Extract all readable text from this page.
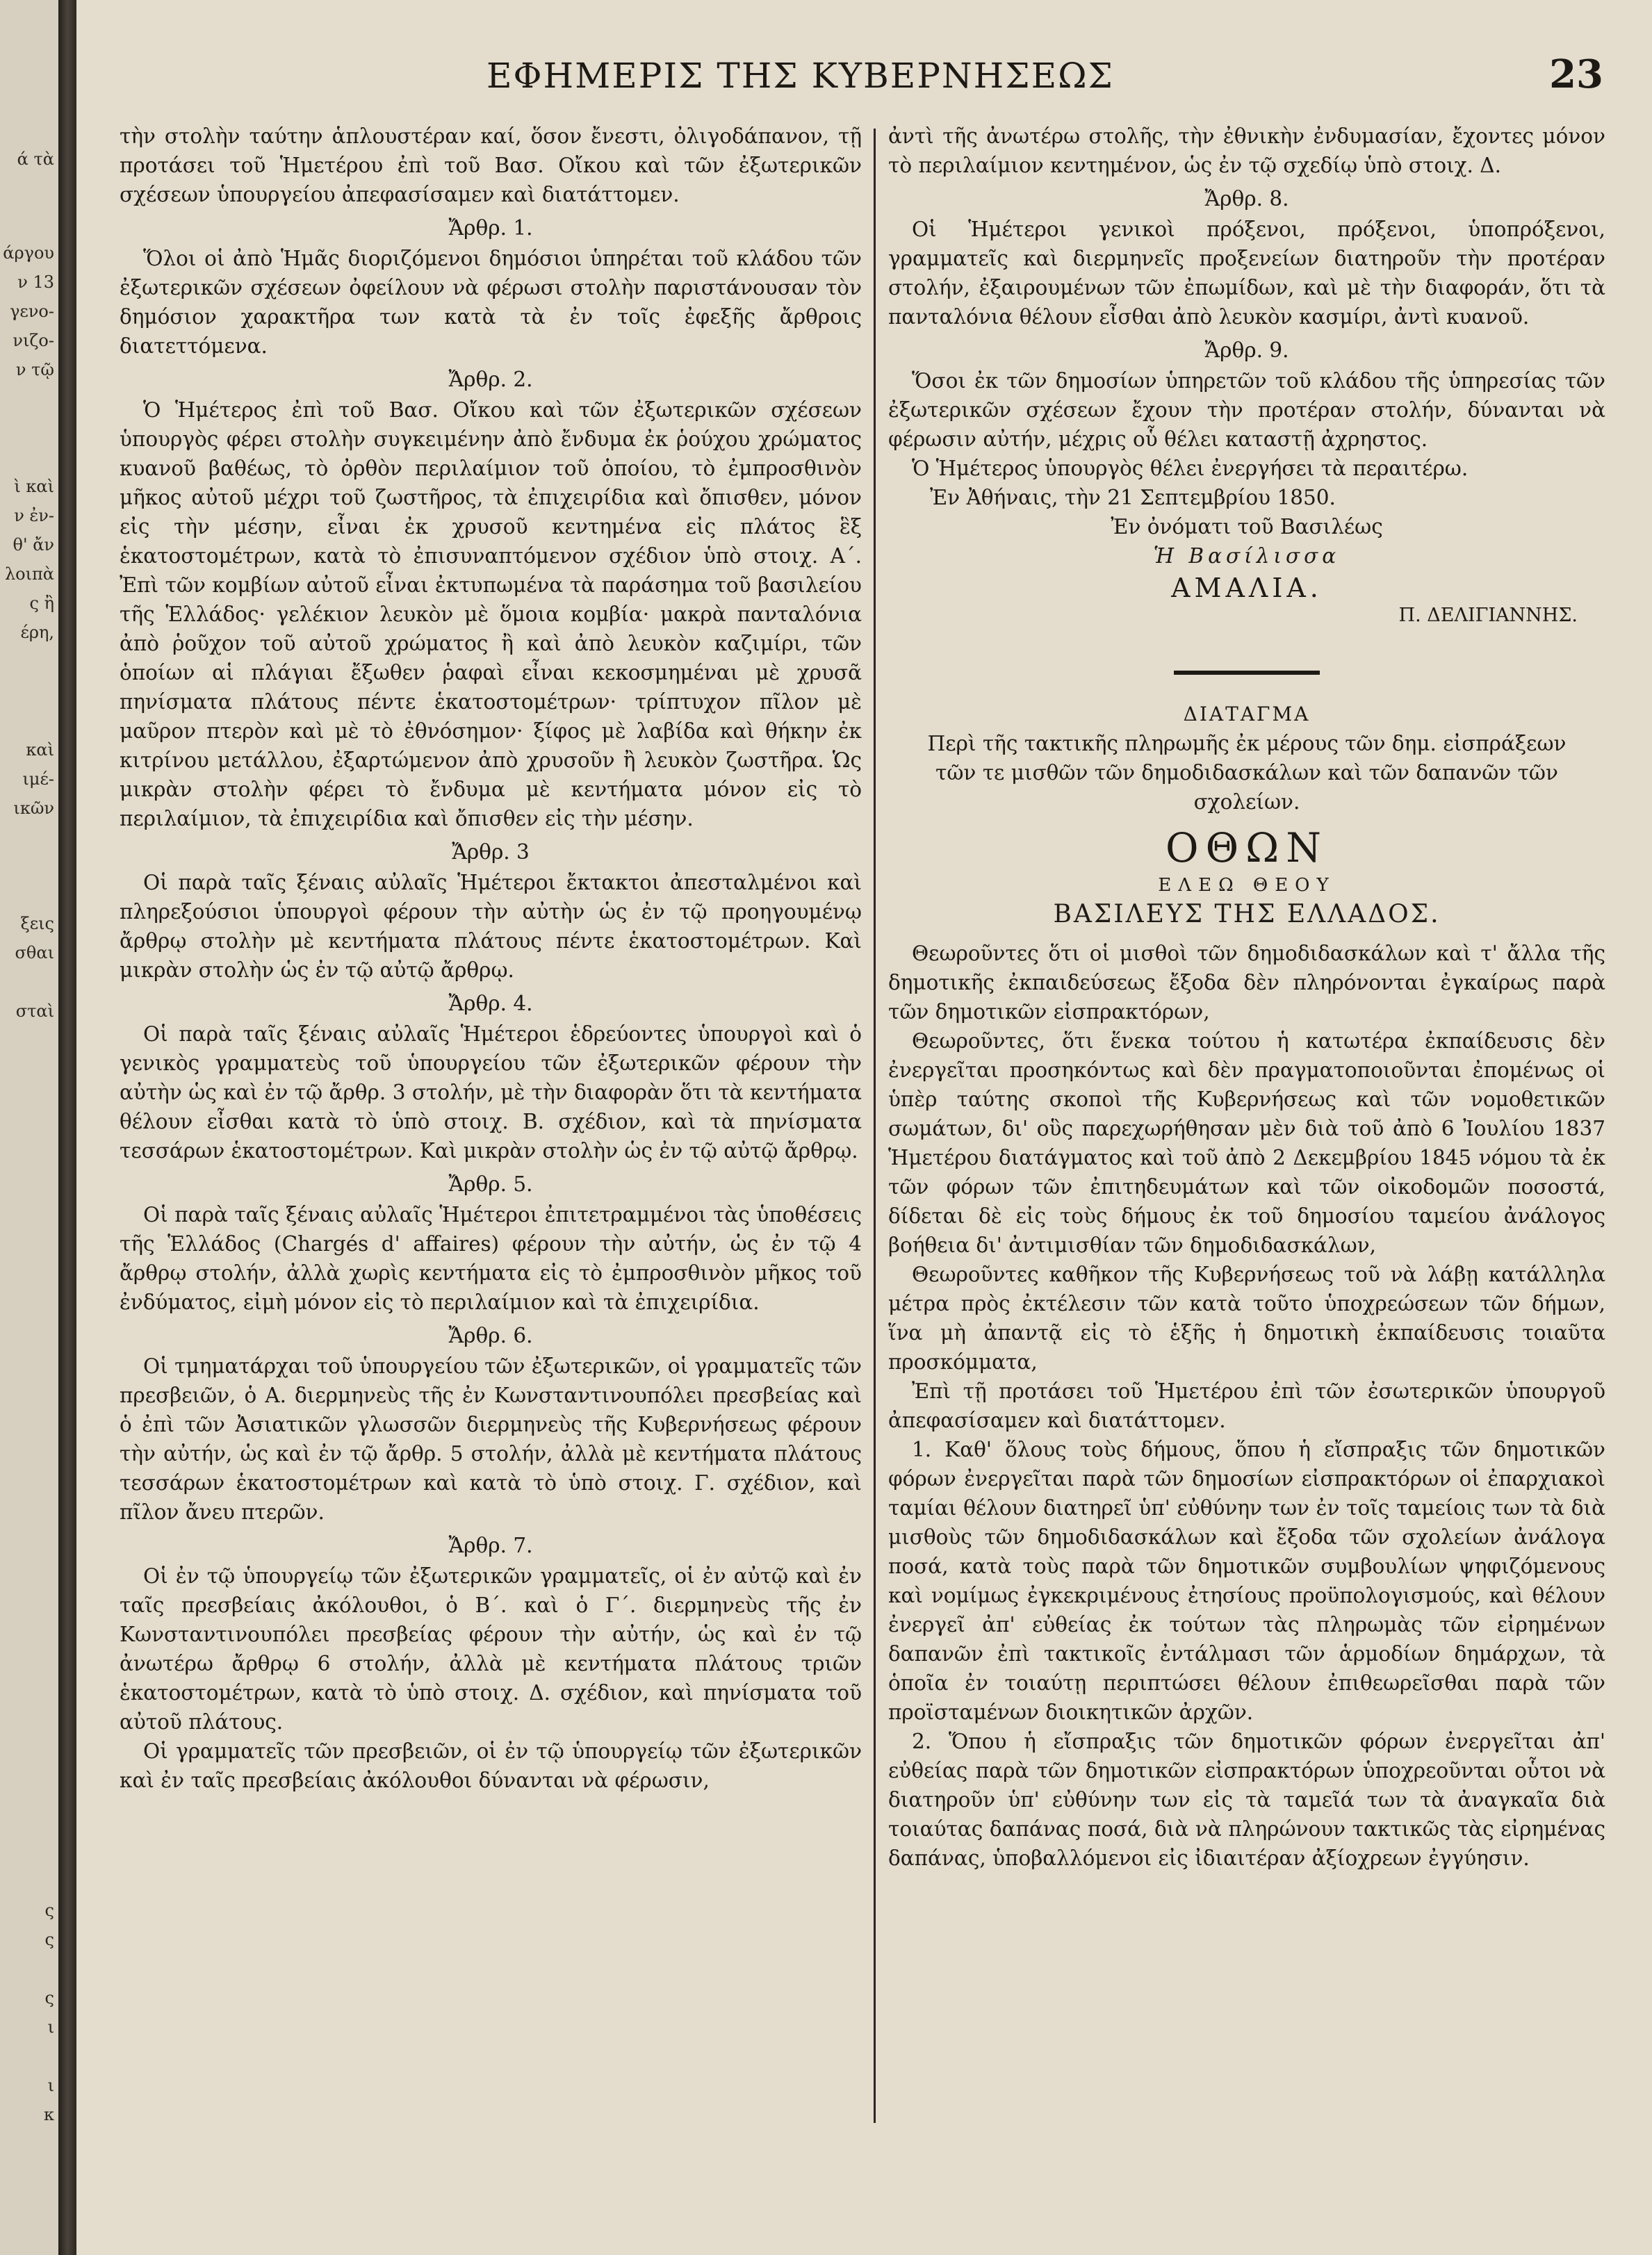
ά τὰ
άργου
ν 13
γενο-
νιζο-
ν τῷ
ὶ καὶ
ν ἐν-
θ' ἄν
λοιπὰ
ς ἢ
έρη,
καὶ
ιμέ-
ικῶν
ξεις
σθαι
σταὶ
ς
ς
ς
ι
ι
κ
ΕΦΗΜΕΡΙΣ ΤΗΣ ΚΥΒΕΡΝΗΣΕΩΣ	23

τὴν στολὴν ταύτην ἁπλουστέραν καί, ὅσον ἔνεστι, ὀλιγοδάπανον, τῇ προτάσει τοῦ Ἡμετέρου ἐπὶ τοῦ Βασ. Οἴκου καὶ τῶν ἐξωτερικῶν σχέσεων ὑπουργείου ἀπεφασίσαμεν καὶ διατάττομεν.

Ἄρθρ. 1.

Ὅλοι οἱ ἀπὸ Ἡμᾶς διοριζόμενοι δημόσιοι ὑπηρέται τοῦ κλάδου τῶν ἐξωτερικῶν σχέσεων ὀφείλουν νὰ φέρωσι στολὴν παριστάνουσαν τὸν δημόσιον χαρακτῆρα των κατὰ τὰ ἐν τοῖς ἐφεξῆς ἄρθροις διατεττόμενα.

Ἄρθρ. 2.

Ὁ Ἡμέτερος ἐπὶ τοῦ Βασ. Οἴκου καὶ τῶν ἐξωτερικῶν σχέσεων ὑπουργὸς φέρει στολὴν συγκειμένην ἀπὸ ἔνδυμα ἐκ ῥούχου χρώματος κυανοῦ βαθέως, τὸ ὀρθὸν περιλαίμιον τοῦ ὁποίου, τὸ ἐμπροσθινὸν μῆκος αὐτοῦ μέχρι τοῦ ζωστῆρος, τὰ ἐπιχειρίδια καὶ ὄπισθεν, μόνον εἰς τὴν μέσην, εἶναι ἐκ χρυσοῦ κεντημένα εἰς πλάτος ἓξ ἑκατοστομέτρων, κατὰ τὸ ἐπισυναπτόμενον σχέδιον ὑπὸ στοιχ. Α΄. Ἐπὶ τῶν κομβίων αὐτοῦ εἶναι ἐκτυπωμένα τὰ παράσημα τοῦ βασιλείου τῆς Ἑλλάδος· γελέκιον λευκὸν μὲ ὅμοια κομβία· μακρὰ πανταλόνια ἀπὸ ῥοῦχον τοῦ αὐτοῦ χρώματος ἢ καὶ ἀπὸ λευκὸν καζιμίρι, τῶν ὁποίων αἱ πλάγιαι ἔξωθεν ῥαφαὶ εἶναι κεκοσμημέναι μὲ χρυσᾶ πηνίσματα πλάτους πέντε ἑκατοστομέτρων· τρίπτυχον πῖλον μὲ μαῦρον πτερὸν καὶ μὲ τὸ ἐθνόσημον· ξίφος μὲ λαβίδα καὶ θήκην ἐκ κιτρίνου μετάλλου, ἐξαρτώμενον ἀπὸ χρυσοῦν ἢ λευκὸν ζωστῆρα. Ὡς μικρὰν στολὴν φέρει τὸ ἔνδυμα μὲ κεντήματα μόνον εἰς τὸ περιλαίμιον, τὰ ἐπιχειρίδια καὶ ὄπισθεν εἰς τὴν μέσην.

Ἄρθρ. 3

Οἱ παρὰ ταῖς ξέναις αὐλαῖς Ἡμέτεροι ἔκτακτοι ἀπεσταλμένοι καὶ πληρεξούσιοι ὑπουργοὶ φέρουν τὴν αὐτὴν ὡς ἐν τῷ προηγουμένῳ ἄρθρῳ στολὴν μὲ κεντήματα πλάτους πέντε ἑκατοστομέτρων. Καὶ μικρὰν στολὴν ὡς ἐν τῷ αὐτῷ ἄρθρῳ.

Ἄρθρ. 4.

Οἱ παρὰ ταῖς ξέναις αὐλαῖς Ἡμέτεροι ἑδρεύοντες ὑπουργοὶ καὶ ὁ γενικὸς γραμματεὺς τοῦ ὑπουργείου τῶν ἐξωτερικῶν φέρουν τὴν αὐτὴν ὡς καὶ ἐν τῷ ἄρθρ. 3 στολήν, μὲ τὴν διαφορὰν ὅτι τὰ κεντήματα θέλουν εἶσθαι κατὰ τὸ ὑπὸ στοιχ. Β. σχέδιον, καὶ τὰ πηνίσματα τεσσάρων ἑκατοστομέτρων. Καὶ μικρὰν στολὴν ὡς ἐν τῷ αὐτῷ ἄρθρῳ.

Ἄρθρ. 5.

Οἱ παρὰ ταῖς ξέναις αὐλαῖς Ἡμέτεροι ἐπιτετραμμένοι τὰς ὑποθέσεις τῆς Ἑλλάδος (Chargés d' affaires) φέρουν τὴν αὐτήν, ὡς ἐν τῷ 4 ἄρθρῳ στολήν, ἀλλὰ χωρὶς κεντήματα εἰς τὸ ἐμπροσθινὸν μῆκος τοῦ ἐνδύματος, εἰμὴ μόνον εἰς τὸ περιλαίμιον καὶ τὰ ἐπιχειρίδια.

Ἄρθρ. 6.

Οἱ τμηματάρχαι τοῦ ὑπουργείου τῶν ἐξωτερικῶν, οἱ γραμματεῖς τῶν πρεσβειῶν, ὁ Α. διερμηνεὺς τῆς ἐν Κωνσταντινουπόλει πρεσβείας καὶ ὁ ἐπὶ τῶν Ἀσιατικῶν γλωσσῶν διερμηνεὺς τῆς Κυβερνήσεως φέρουν τὴν αὐτήν, ὡς καὶ ἐν τῷ ἄρθρ. 5 στολήν, ἀλλὰ μὲ κεντήματα πλάτους τεσσάρων ἑκατοστομέτρων καὶ κατὰ τὸ ὑπὸ στοιχ. Γ. σχέδιον, καὶ πῖλον ἄνευ πτερῶν.

Ἄρθρ. 7.

Οἱ ἐν τῷ ὑπουργείῳ τῶν ἐξωτερικῶν γραμματεῖς, οἱ ἐν αὐτῷ καὶ ἐν ταῖς πρεσβείαις ἀκόλουθοι, ὁ Β΄. καὶ ὁ Γ΄. διερμηνεὺς τῆς ἐν Κωνσταντινουπόλει πρεσβείας φέρουν τὴν αὐτήν, ὡς καὶ ἐν τῷ ἀνωτέρω ἄρθρῳ 6 στολήν, ἀλλὰ μὲ κεντήματα πλάτους τριῶν ἑκατοστομέτρων, κατὰ τὸ ὑπὸ στοιχ. Δ. σχέδιον, καὶ πηνίσματα τοῦ αὐτοῦ πλάτους.

Οἱ γραμματεῖς τῶν πρεσβειῶν, οἱ ἐν τῷ ὑπουργείῳ τῶν ἐξωτερικῶν καὶ ἐν ταῖς πρεσβείαις ἀκόλουθοι δύνανται νὰ φέρωσιν,

ἀντὶ τῆς ἀνωτέρω στολῆς, τὴν ἐθνικὴν ἐνδυμασίαν, ἔχοντες μόνον τὸ περιλαίμιον κεντημένον, ὡς ἐν τῷ σχεδίῳ ὑπὸ στοιχ. Δ.

Ἄρθρ. 8.

Οἱ Ἡμέτεροι γενικοὶ πρόξενοι, πρόξενοι, ὑποπρόξενοι, γραμματεῖς καὶ διερμηνεῖς προξενείων διατηροῦν τὴν προτέραν στολήν, ἐξαιρουμένων τῶν ἐπωμίδων, καὶ μὲ τὴν διαφοράν, ὅτι τὰ πανταλόνια θέλουν εἶσθαι ἀπὸ λευκὸν κασμίρι, ἀντὶ κυανοῦ.

Ἄρθρ. 9.

Ὅσοι ἐκ τῶν δημοσίων ὑπηρετῶν τοῦ κλάδου τῆς ὑπηρεσίας τῶν ἐξωτερικῶν σχέσεων ἔχουν τὴν προτέραν στολήν, δύνανται νὰ φέρωσιν αὐτήν, μέχρις οὗ θέλει καταστῇ ἀχρηστος.

Ὁ Ἡμέτερος ὑπουργὸς θέλει ἐνεργήσει τὰ περαιτέρω.

Ἐν Ἀθήναις, τὴν 21 Σεπτεμβρίου 1850.

Ἐν ὀνόματι τοῦ Βασιλέως

Ἡ Βασίλισσα

ΑΜΑΛΙΑ.

Π. ΔΕΛΙΓΙΑΝΝΗΣ.

ΔΙΑΤΑΓΜΑ

Περὶ τῆς τακτικῆς πληρωμῆς ἐκ μέρους τῶν δημ. εἰσπράξεων τῶν τε μισθῶν τῶν δημοδιδασκάλων καὶ τῶν δαπανῶν τῶν σχολείων.

ΟΘΩΝ

ΕΛΕΩ ΘΕΟΥ

ΒΑΣΙΛΕΥΣ ΤΗΣ ΕΛΛΑΔΟΣ.

Θεωροῦντες ὅτι οἱ μισθοὶ τῶν δημοδιδασκάλων καὶ τ' ἄλλα τῆς δημοτικῆς ἐκπαιδεύσεως ἔξοδα δὲν πληρόνονται ἐγκαίρως παρὰ τῶν δημοτικῶν εἰσπρακτόρων,

Θεωροῦντες, ὅτι ἕνεκα τούτου ἡ κατωτέρα ἐκπαίδευσις δὲν ἐνεργεῖται προσηκόντως καὶ δὲν πραγματοποιοῦνται ἐπομένως οἱ ὑπὲρ ταύτης σκοποὶ τῆς Κυβερνήσεως καὶ τῶν νομοθετικῶν σωμάτων, δι' οὓς παρεχωρήθησαν μὲν διὰ τοῦ ἀπὸ 6 Ἰουλίου 1837 Ἡμετέρου διατάγματος καὶ τοῦ ἀπὸ 2 Δεκεμβρίου 1845 νόμου τὰ ἐκ τῶν φόρων τῶν ἐπιτηδευμάτων καὶ τῶν οἰκοδομῶν ποσοστά, δίδεται δὲ εἰς τοὺς δήμους ἐκ τοῦ δημοσίου ταμείου ἀνάλογος βοήθεια δι' ἀντιμισθίαν τῶν δημοδιδασκάλων,

Θεωροῦντες καθῆκον τῆς Κυβερνήσεως τοῦ νὰ λάβῃ κατάλληλα μέτρα πρὸς ἐκτέλεσιν τῶν κατὰ τοῦτο ὑποχρεώσεων τῶν δήμων, ἵνα μὴ ἀπαντᾷ εἰς τὸ ἑξῆς ἡ δημοτικὴ ἐκπαίδευσις τοιαῦτα προσκόμματα,

Ἐπὶ τῇ προτάσει τοῦ Ἡμετέρου ἐπὶ τῶν ἐσωτερικῶν ὑπουργοῦ ἀπεφασίσαμεν καὶ διατάττομεν.

1. Καθ' ὅλους τοὺς δήμους, ὅπου ἡ εἴσπραξις τῶν δημοτικῶν φόρων ἐνεργεῖται παρὰ τῶν δημοσίων εἰσπρακτόρων οἱ ἐπαρχιακοὶ ταμίαι θέλουν διατηρεῖ ὑπ' εὐθύνην των ἐν τοῖς ταμείοις των τὰ διὰ μισθοὺς τῶν δημοδιδασκάλων καὶ ἔξοδα τῶν σχολείων ἀνάλογα ποσά, κατὰ τοὺς παρὰ τῶν δημοτικῶν συμβουλίων ψηφιζόμενους καὶ νομίμως ἐγκεκριμένους ἐτησίους προϋπολογισμούς, καὶ θέλουν ἐνεργεῖ ἀπ' εὐθείας ἐκ τούτων τὰς πληρωμὰς τῶν εἰρημένων δαπανῶν ἐπὶ τακτικοῖς ἐντάλμασι τῶν ἁρμοδίων δημάρχων, τὰ ὁποῖα ἐν τοιαύτῃ περιπτώσει θέλουν ἐπιθεωρεῖσθαι παρὰ τῶν προϊσταμένων διοικητικῶν ἀρχῶν.

2. Ὅπου ἡ εἴσπραξις τῶν δημοτικῶν φόρων ἐνεργεῖται ἀπ' εὐθείας παρὰ τῶν δημοτικῶν εἰσπρακτόρων ὑποχρεοῦνται οὗτοι νὰ διατηροῦν ὑπ' εὐθύνην των εἰς τὰ ταμεῖά των τὰ ἀναγκαῖα διὰ τοιαύτας δαπάνας ποσά, διὰ νὰ πληρώνουν τακτικῶς τὰς εἰρημένας δαπάνας, ὑποβαλλόμενοι εἰς ἰδιαιτέραν ἀξίοχρεων ἐγγύησιν.
